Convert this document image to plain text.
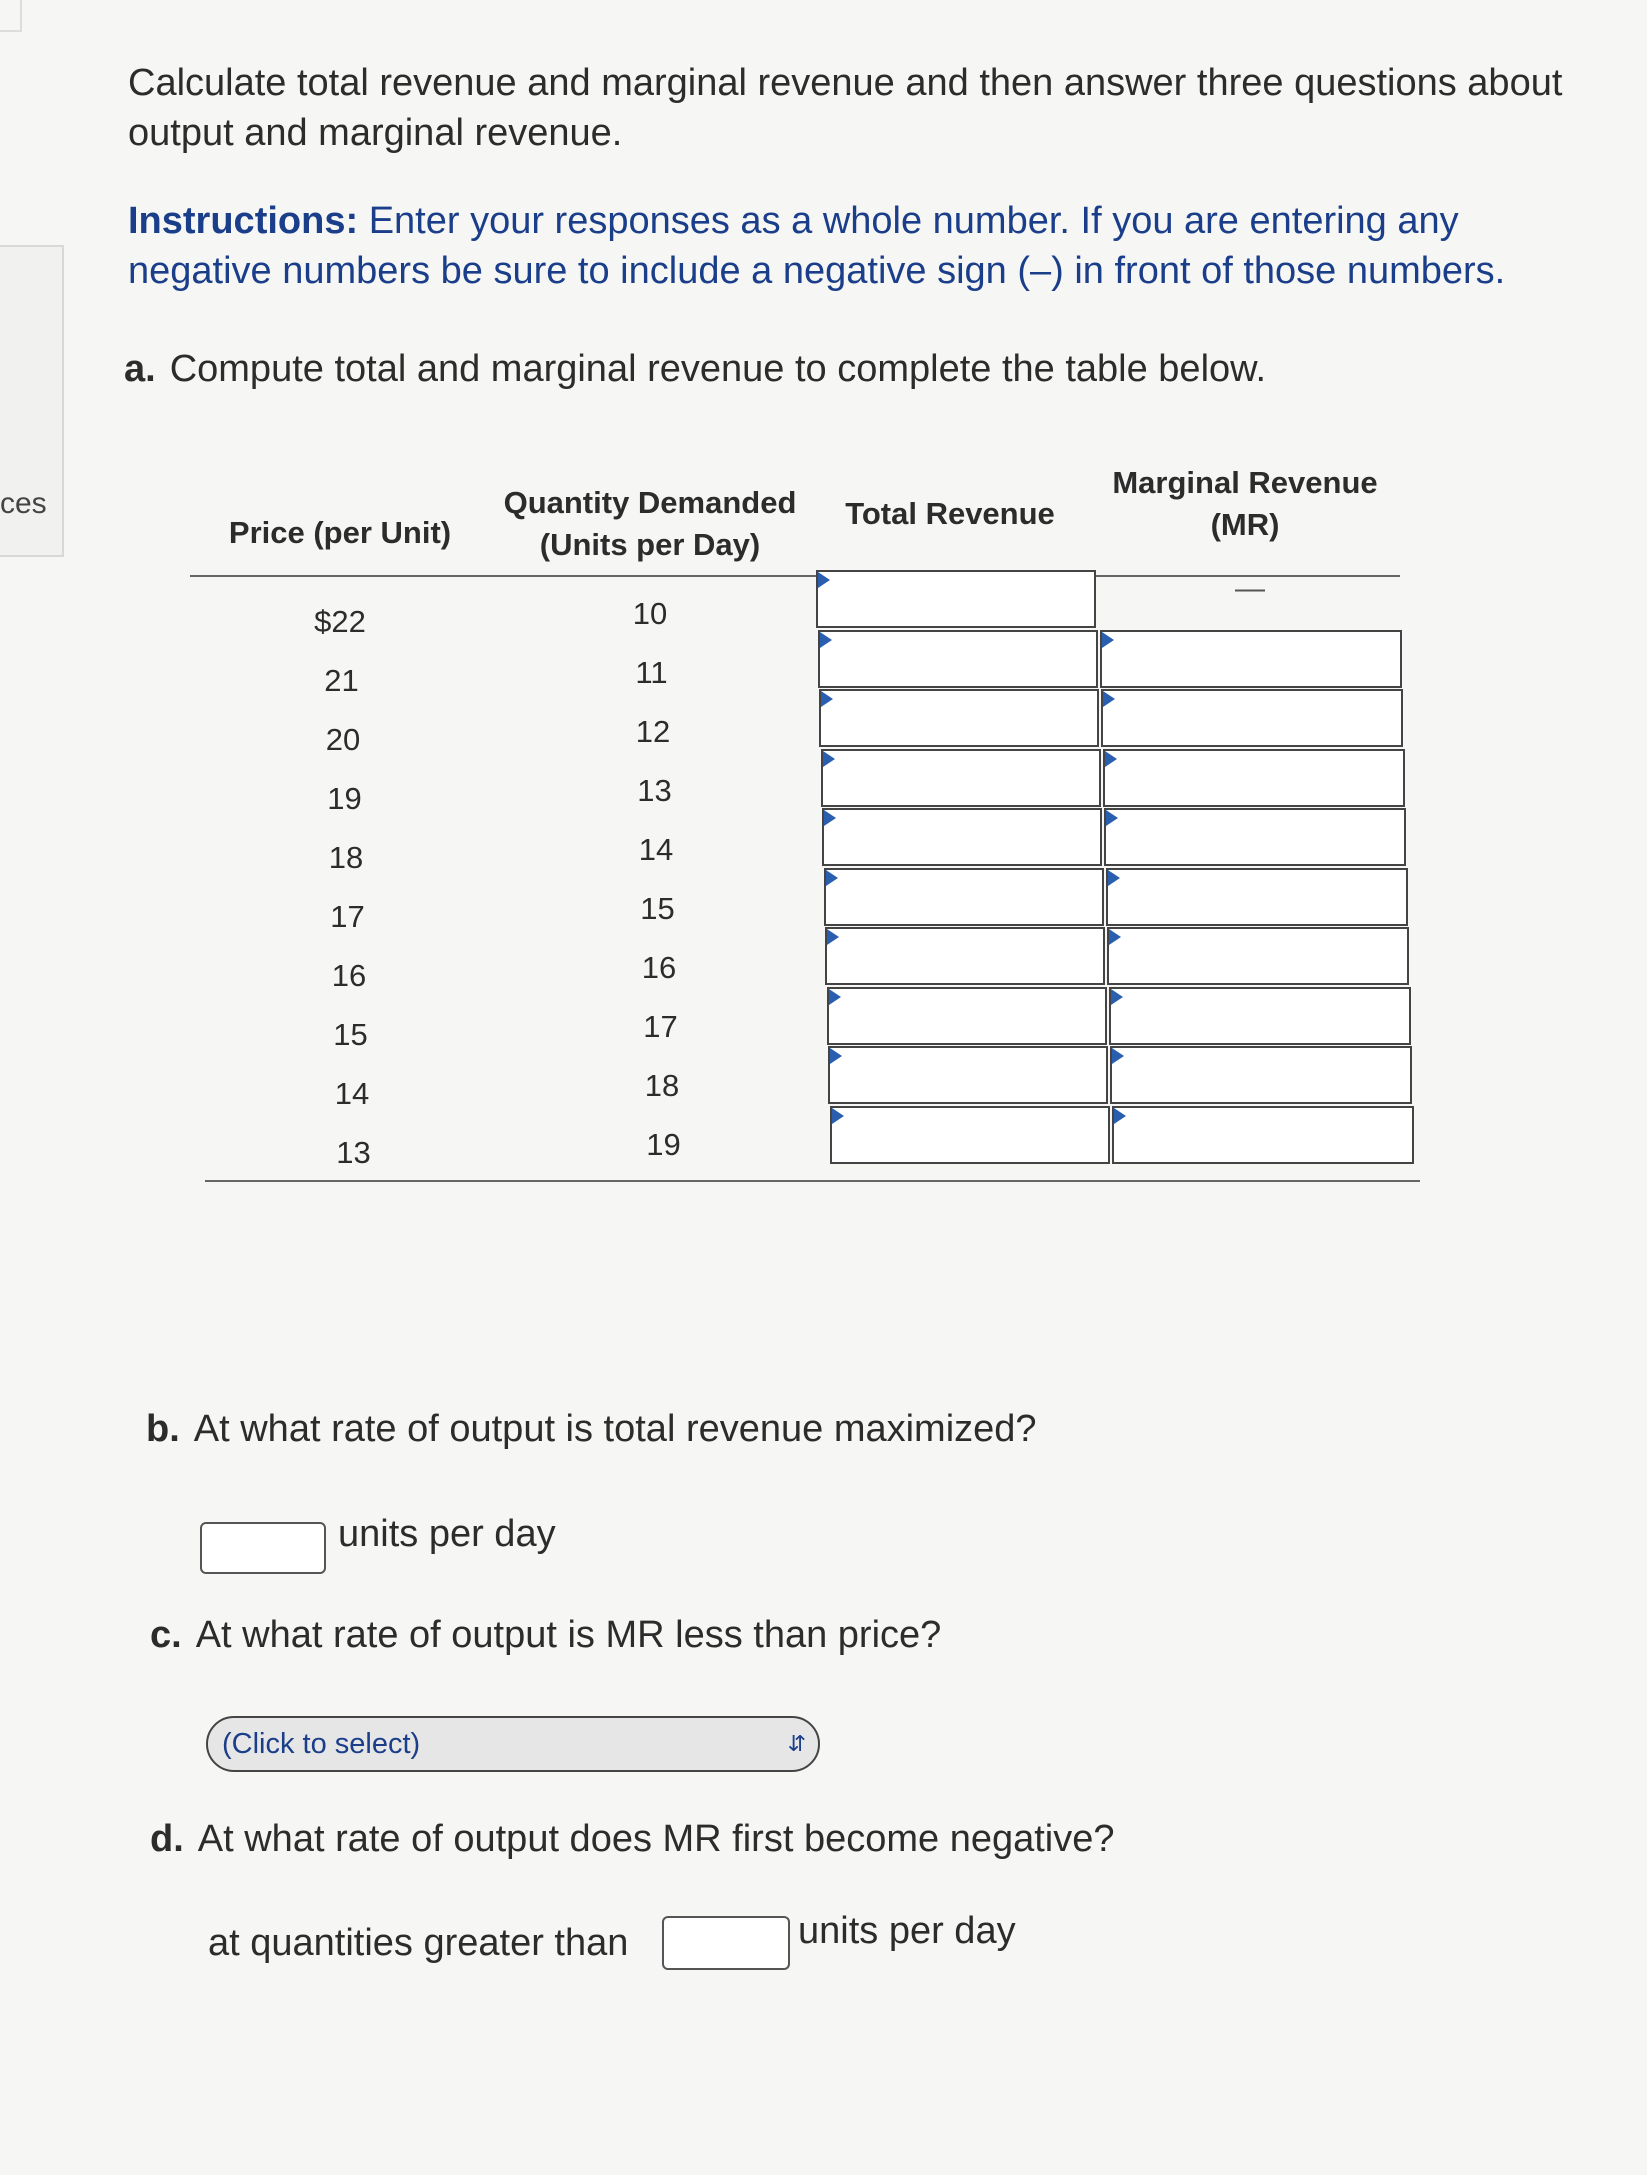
ces
Calculate total revenue and marginal revenue and then answer three questions about output and marginal revenue.
Instructions: Enter your responses as a whole number. If you are entering any negative numbers be sure to include a negative sign (–) in front of those numbers.
a. Compute total and marginal revenue to complete the table below.
Price (per Unit)
Quantity Demanded
(Units per Day)
Total Revenue
Marginal Revenue
(MR)
—
$22	10
21	11
20	12
19	13
18	14
17	15
16	16
15	17
14	18
13	19
b. At what rate of output is total revenue maximized?
units per day
c. At what rate of output is MR less than price?
(Click to select)	⇵
d. At what rate of output does MR first become negative?
at quantities greater than	units per day
